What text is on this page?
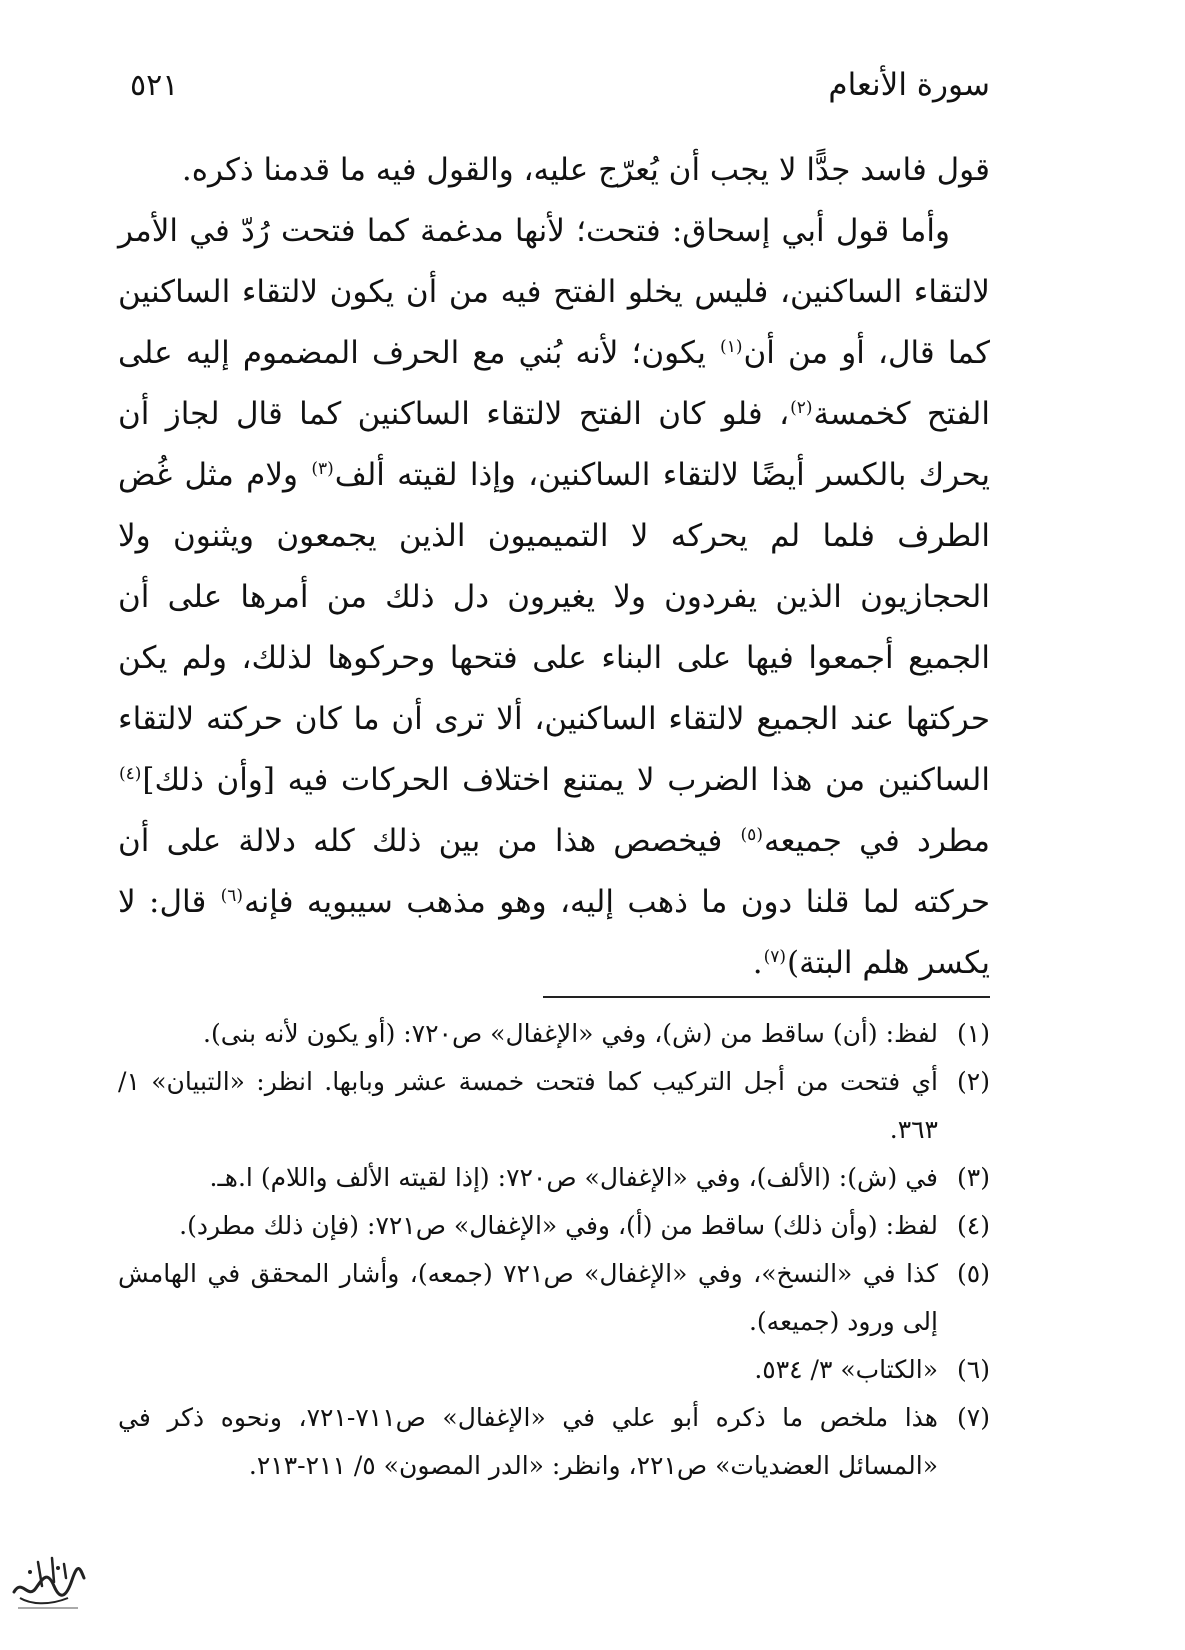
سورة الأنعام
٥٢١

قول فاسد جدًّا لا يجب أن يُعرّج عليه، والقول فيه ما قدمنا ذكره.

وأما قول أبي إسحاق: فتحت؛ لأنها مدغمة كما فتحت رُدّ في الأمر لالتقاء الساكنين، فليس يخلو الفتح فيه من أن يكون لالتقاء الساكنين كما قال، أو من أن$^{(١)}$ يكون؛ لأنه بُني مع الحرف المضموم إليه على الفتح كخمسة$^{(٢)}$، فلو كان الفتح لالتقاء الساكنين كما قال لجاز أن يحرك بالكسر أيضًا لالتقاء الساكنين، وإذا لقيته ألف$^{(٣)}$ ولام مثل غُض الطرف فلما لم يحركه لا التميميون الذين يجمعون ويثنون ولا الحجازيون الذين يفردون ولا يغيرون دل ذلك من أمرها على أن الجميع أجمعوا فيها على البناء على فتحها وحركوها لذلك، ولم يكن حركتها عند الجميع لالتقاء الساكنين، ألا ترى أن ما كان حركته لالتقاء الساكنين من هذا الضرب لا يمتنع اختلاف الحركات فيه [وأن ذلك]$^{(٤)}$ مطرد في جميعه$^{(٥)}$ فيخصص هذا من بين ذلك كله دلالة على أن حركته لما قلنا دون ما ذهب إليه، وهو مذهب سيبويه فإنه$^{(٦)}$ قال: لا يكسر هلم البتة)$^{(٧)}$.

(١)
لفظ: (أن) ساقط من (ش)، وفي «الإغفال» ص٧٢٠: (أو يكون لأنه بنى).
(٢)
أي فتحت من أجل التركيب كما فتحت خمسة عشر وبابها. انظر: «التبيان» ١/ ٣٦٣.
(٣)
في (ش): (الألف)، وفي «الإغفال» ص٧٢٠: (إذا لقيته الألف واللام) ا.هـ.
(٤)
لفظ: (وأن ذلك) ساقط من (أ)، وفي «الإغفال» ص٧٢١: (فإن ذلك مطرد).
(٥)
كذا في «النسخ»، وفي «الإغفال» ص٧٢١ (جمعه)، وأشار المحقق في الهامش إلى ورود (جميعه).
(٦)
«الكتاب» ٣/ ٥٣٤.
(٧)
هذا ملخص ما ذكره أبو علي في «الإغفال» ص٧١١-٧٢١، ونحوه ذكر في «المسائل العضديات» ص٢٢١، وانظر: «الدر المصون» ٥/ ٢١١-٢١٣.
